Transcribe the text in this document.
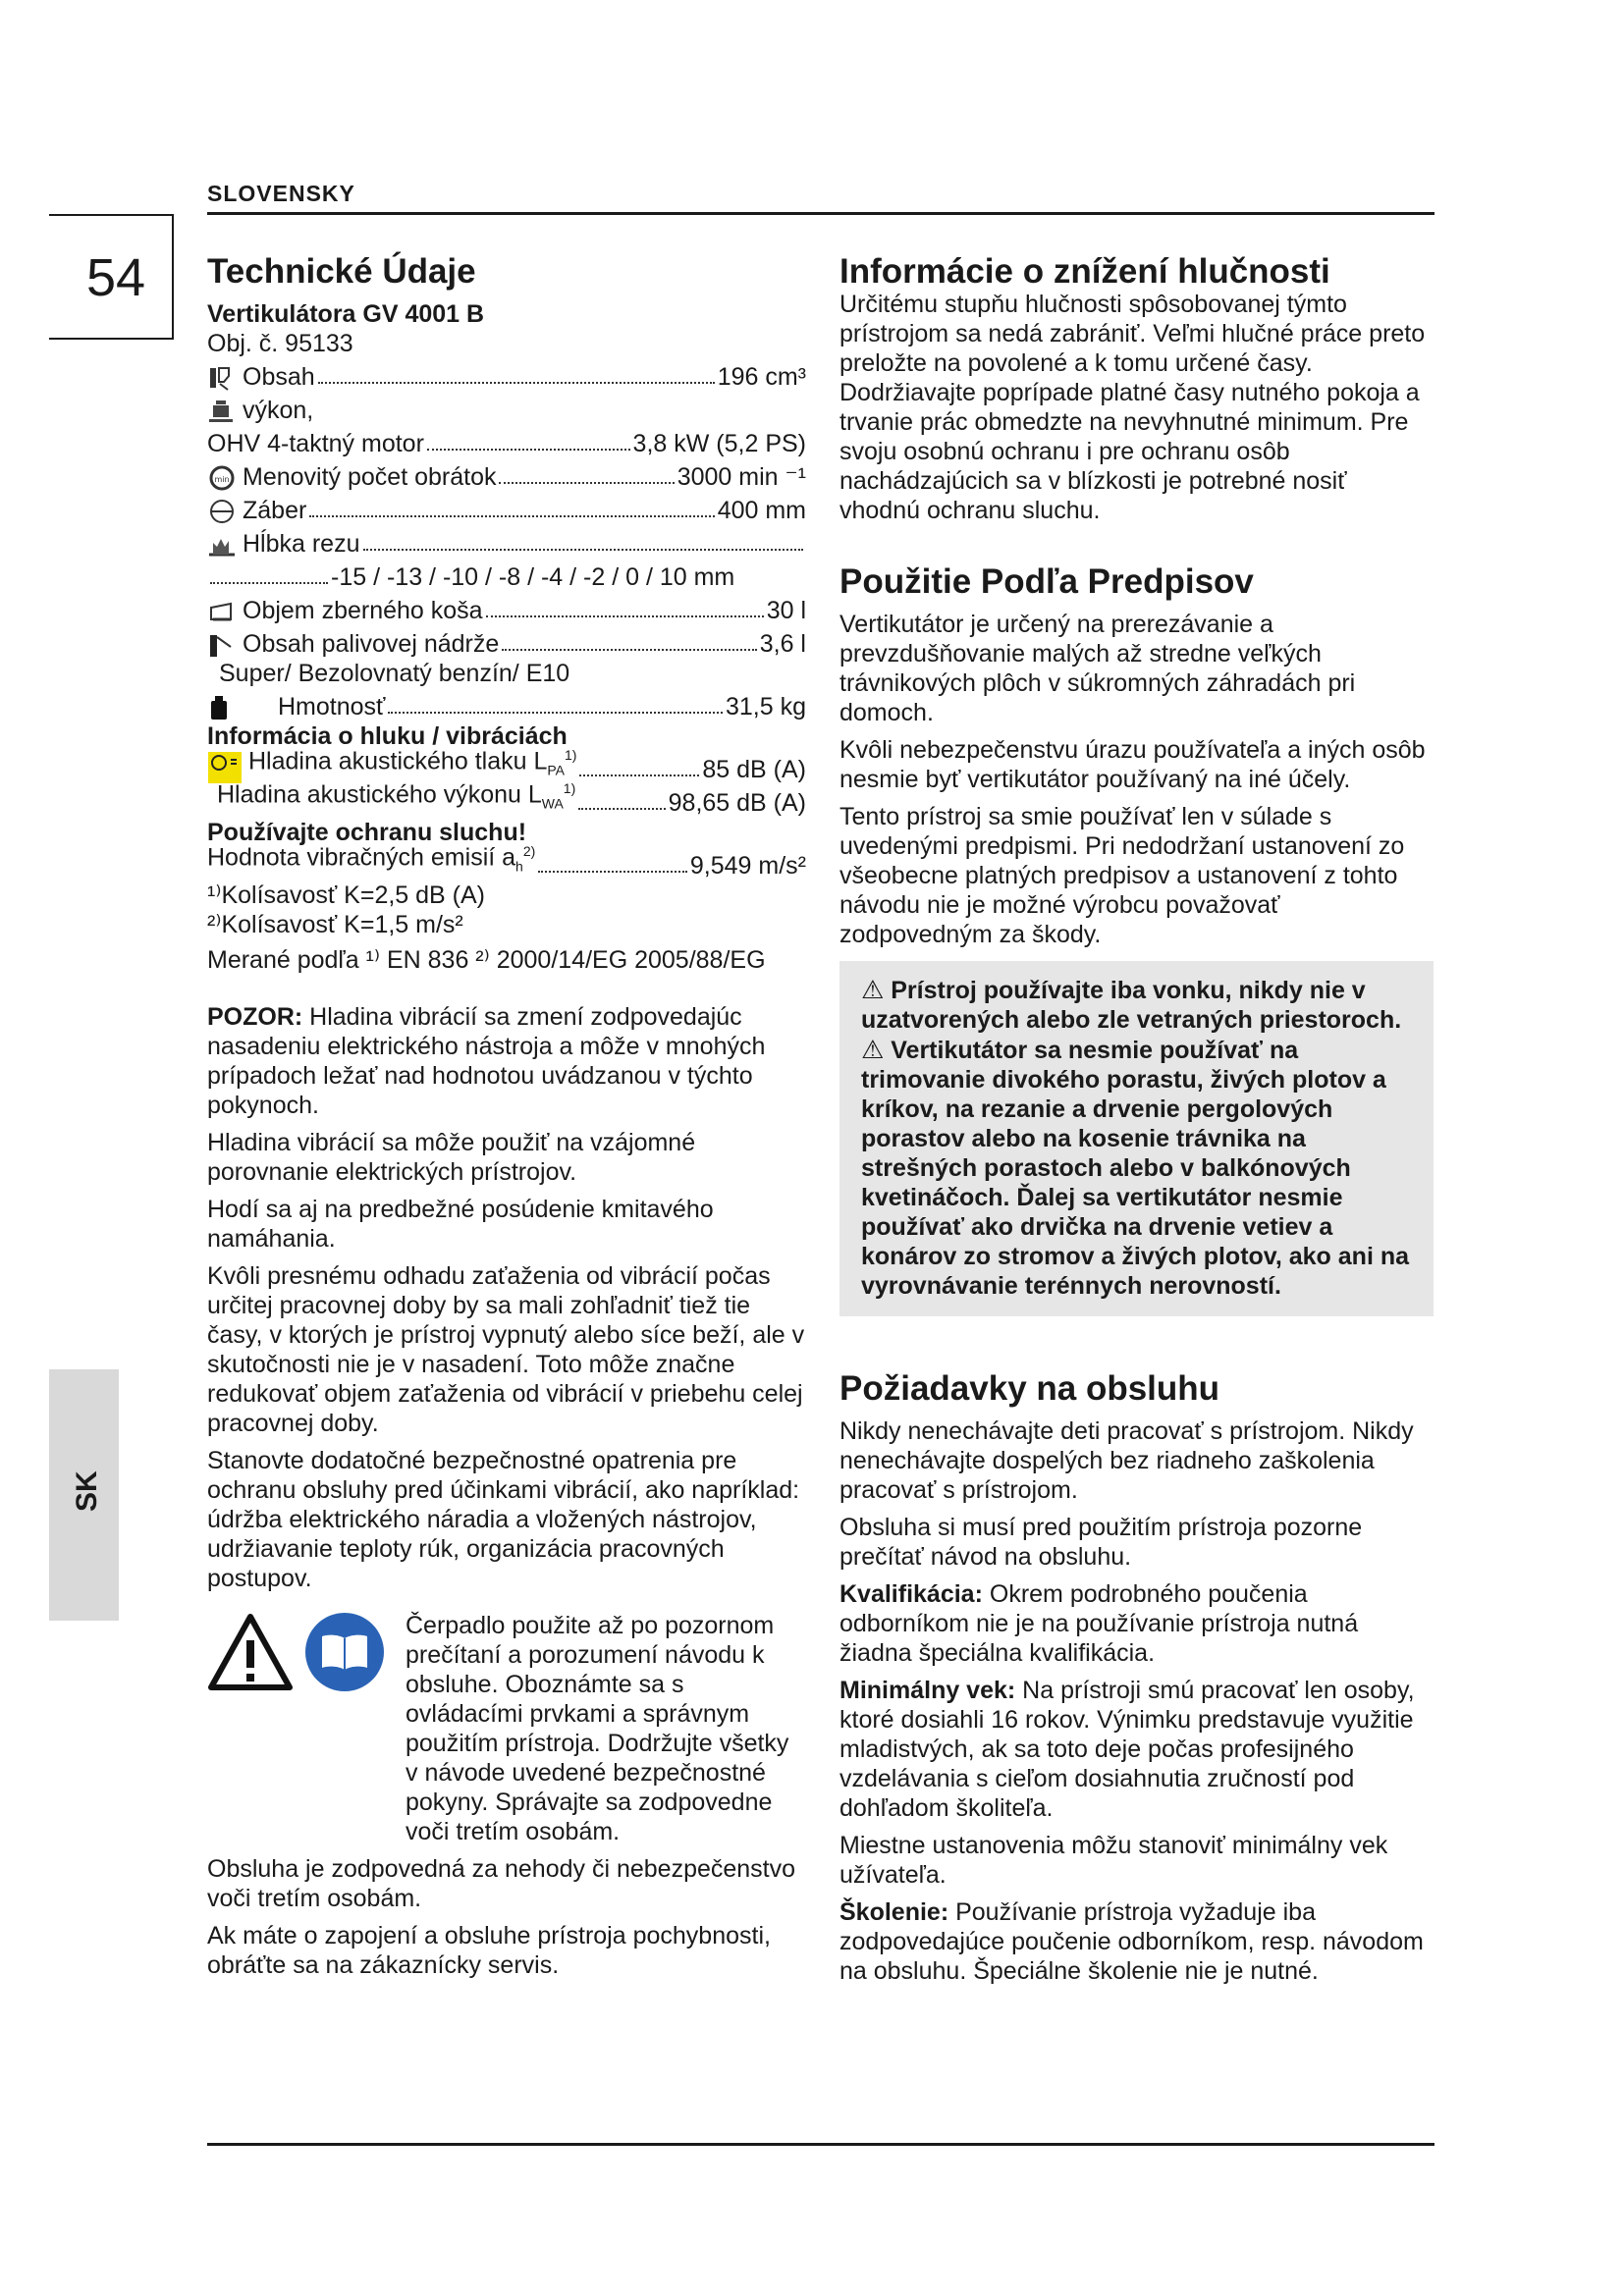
SLOVENSKY
54
SK
Technické Údaje
Vertikulátora GV 4001 B
Obj. č. 95133
Obsah	196 cm³
výkon,
OHV 4-taktný motor	3,8 kW (5,2 PS)
min Menovitý počet obrátok	3000 min ⁻¹
Záber	400 mm
Hĺbka rezu
-15 / -13 / -10 / -8 / -4 / -2 / 0 / 10 mm
Objem zberného koša	30 l
Obsah palivovej nádrže	3,6 l
Super/ Bezolovnatý benzín/ E10
Hmotnosť	31,5 kg
Informácia o hluku / vibráciách
Hladina akustického tlaku $L_{PA}^{1)}$
85 dB (A)
Hladina akustického výkonu $L_{WA}^{1)}$
98,65 dB (A)
Používajte ochranu sluchu!
Hodnota vibračných emisií $a_h^{2)}$
9,549 m/s²
¹⁾Kolísavosť K=2,5 dB (A)
²⁾Kolísavosť K=1,5 m/s²
Merané podľa ¹⁾ EN 836 ²⁾ 2000/14/EG 2005/88/EG

POZOR: Hladina vibrácií sa zmení zodpovedajúc nasadeniu elektrického nástroja a môže v mnohých prípadoch ležať nad hodnotou uvádzanou v týchto pokynoch.

Hladina vibrácií sa môže použiť na vzájomné porovnanie elektrických prístrojov.

Hodí sa aj na predbežné posúdenie kmitavého namáhania.

Kvôli presnému odhadu zaťaženia od vibrácií počas určitej pracovnej doby by sa mali zohľadniť tiež tie časy, v ktorých je prístroj vypnutý alebo síce beží, ale v skutočnosti nie je v nasadení. Toto môže značne redukovať objem zaťaženia od vibrácií v priebehu celej pracovnej doby.

Stanovte dodatočné bezpečnostné opatrenia pre ochranu obsluhy pred účinkami vibrácií, ako napríklad: údržba elektrického náradia a vložených nástrojov, udržiavanie teploty rúk, organizácia pracovných postupov.

Čerpadlo použite až po pozornom prečítaní a porozumení návodu k obsluhe. Oboznámte sa s ovládacími prvkami a správnym použitím prístroja. Dodržujte všetky v návode uvedené bezpečnostné pokyny. Správajte sa zodpovedne voči tretím osobám.

Obsluha je zodpovedná za nehody či nebezpečenstvo voči tretím osobám.

Ak máte o zapojení a obsluhe prístroja pochybnosti, obráťte sa na zákaznícky servis.

Informácie o znížení hlučnosti

Určitému stupňu hlučnosti spôsobovanej týmto prístrojom sa nedá zabrániť. Veľmi hlučné práce preto preložte na povolené a k tomu určené časy. Dodržiavajte poprípade platné časy nutného pokoja a trvanie prác obmedzte na nevyhnutné minimum. Pre svoju osobnú ochranu i pre ochranu osôb nachádzajúcich sa v blízkosti je potrebné nosiť vhodnú ochranu sluchu.

Použitie Podľa Predpisov

Vertikutátor je určený na prerezávanie a prevzdušňovanie malých až stredne veľkých trávnikových plôch v súkromných záhradách pri domoch.

Kvôli nebezpečenstvu úrazu používateľa a iných osôb nesmie byť vertikutátor používaný na iné účely.

Tento prístroj sa smie používať len v súlade s uvedenými predpismi. Pri nedodržaní ustanovení zo všeobecne platných predpisov a ustanovení z tohto návodu nie je možné výrobcu považovať zodpovedným za škody.

⚠ Prístroj používajte iba vonku, nikdy nie v uzatvorených alebo zle vetraných priestoroch.

⚠ Vertikutátor sa nesmie používať na trimovanie divokého porastu, živých plotov a kríkov, na rezanie a drvenie pergolových porastov alebo na kosenie trávnika na strešných porastoch alebo v balkónových kvetináčoch. Ďalej sa vertikutátor nesmie používať ako drvička na drvenie vetiev a konárov zo stromov a živých plotov, ako ani na vyrovnávanie terénnych nerovností.

Požiadavky na obsluhu

Nikdy nenechávajte deti pracovať s prístrojom. Nikdy nenechávajte dospelých bez riadneho zaškolenia pracovať s prístrojom.

Obsluha si musí pred použitím prístroja pozorne prečítať návod na obsluhu.

Kvalifikácia: Okrem podrobného poučenia odborníkom nie je na používanie prístroja nutná žiadna špeciálna kvalifikácia.

Minimálny vek: Na prístroji smú pracovať len osoby, ktoré dosiahli 16 rokov. Výnimku predstavuje využitie mladistvých, ak sa toto deje počas profesijného vzdelávania s cieľom dosiahnutia zručností pod dohľadom školiteľa.

Miestne ustanovenia môžu stanoviť minimálny vek užívateľa.

Školenie: Používanie prístroja vyžaduje iba zodpovedajúce poučenie odborníkom, resp. návodom na obsluhu. Špeciálne školenie nie je nutné.
